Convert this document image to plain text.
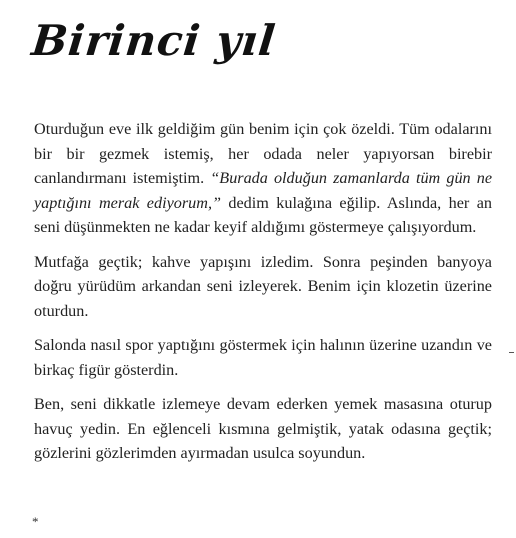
Birinci yıl

Oturduğun eve ilk geldiğim gün benim için çok özeldi. Tüm odalarını bir bir gezmek istemiş, her odada neler yapıyorsan birebir canlandırmanı istemiştim. “Burada olduğun zamanlarda tüm gün ne yaptığını merak ediyorum,” dedim kulağına eğilip. Aslında, her an seni düşünmekten ne kadar keyif aldığımı göstermeye çalışıyordum.

Mutfağa geçtik; kahve yapışını izledim. Sonra peşinden banyoya doğru yürüdüm arkandan seni izleyerek. Benim için klozetin üzerine oturdun.

Salonda nasıl spor yaptığını göstermek için halının üzerine uzandın ve birkaç figür gösterdin.

Ben, seni dikkatle izlemeye devam ederken yemek masasına oturup havuç yedin. En eğlenceli kısmına gelmiştik, yatak odasına geçtik; gözlerini gözlerimden ayırmadan usulca soyundun.

*
